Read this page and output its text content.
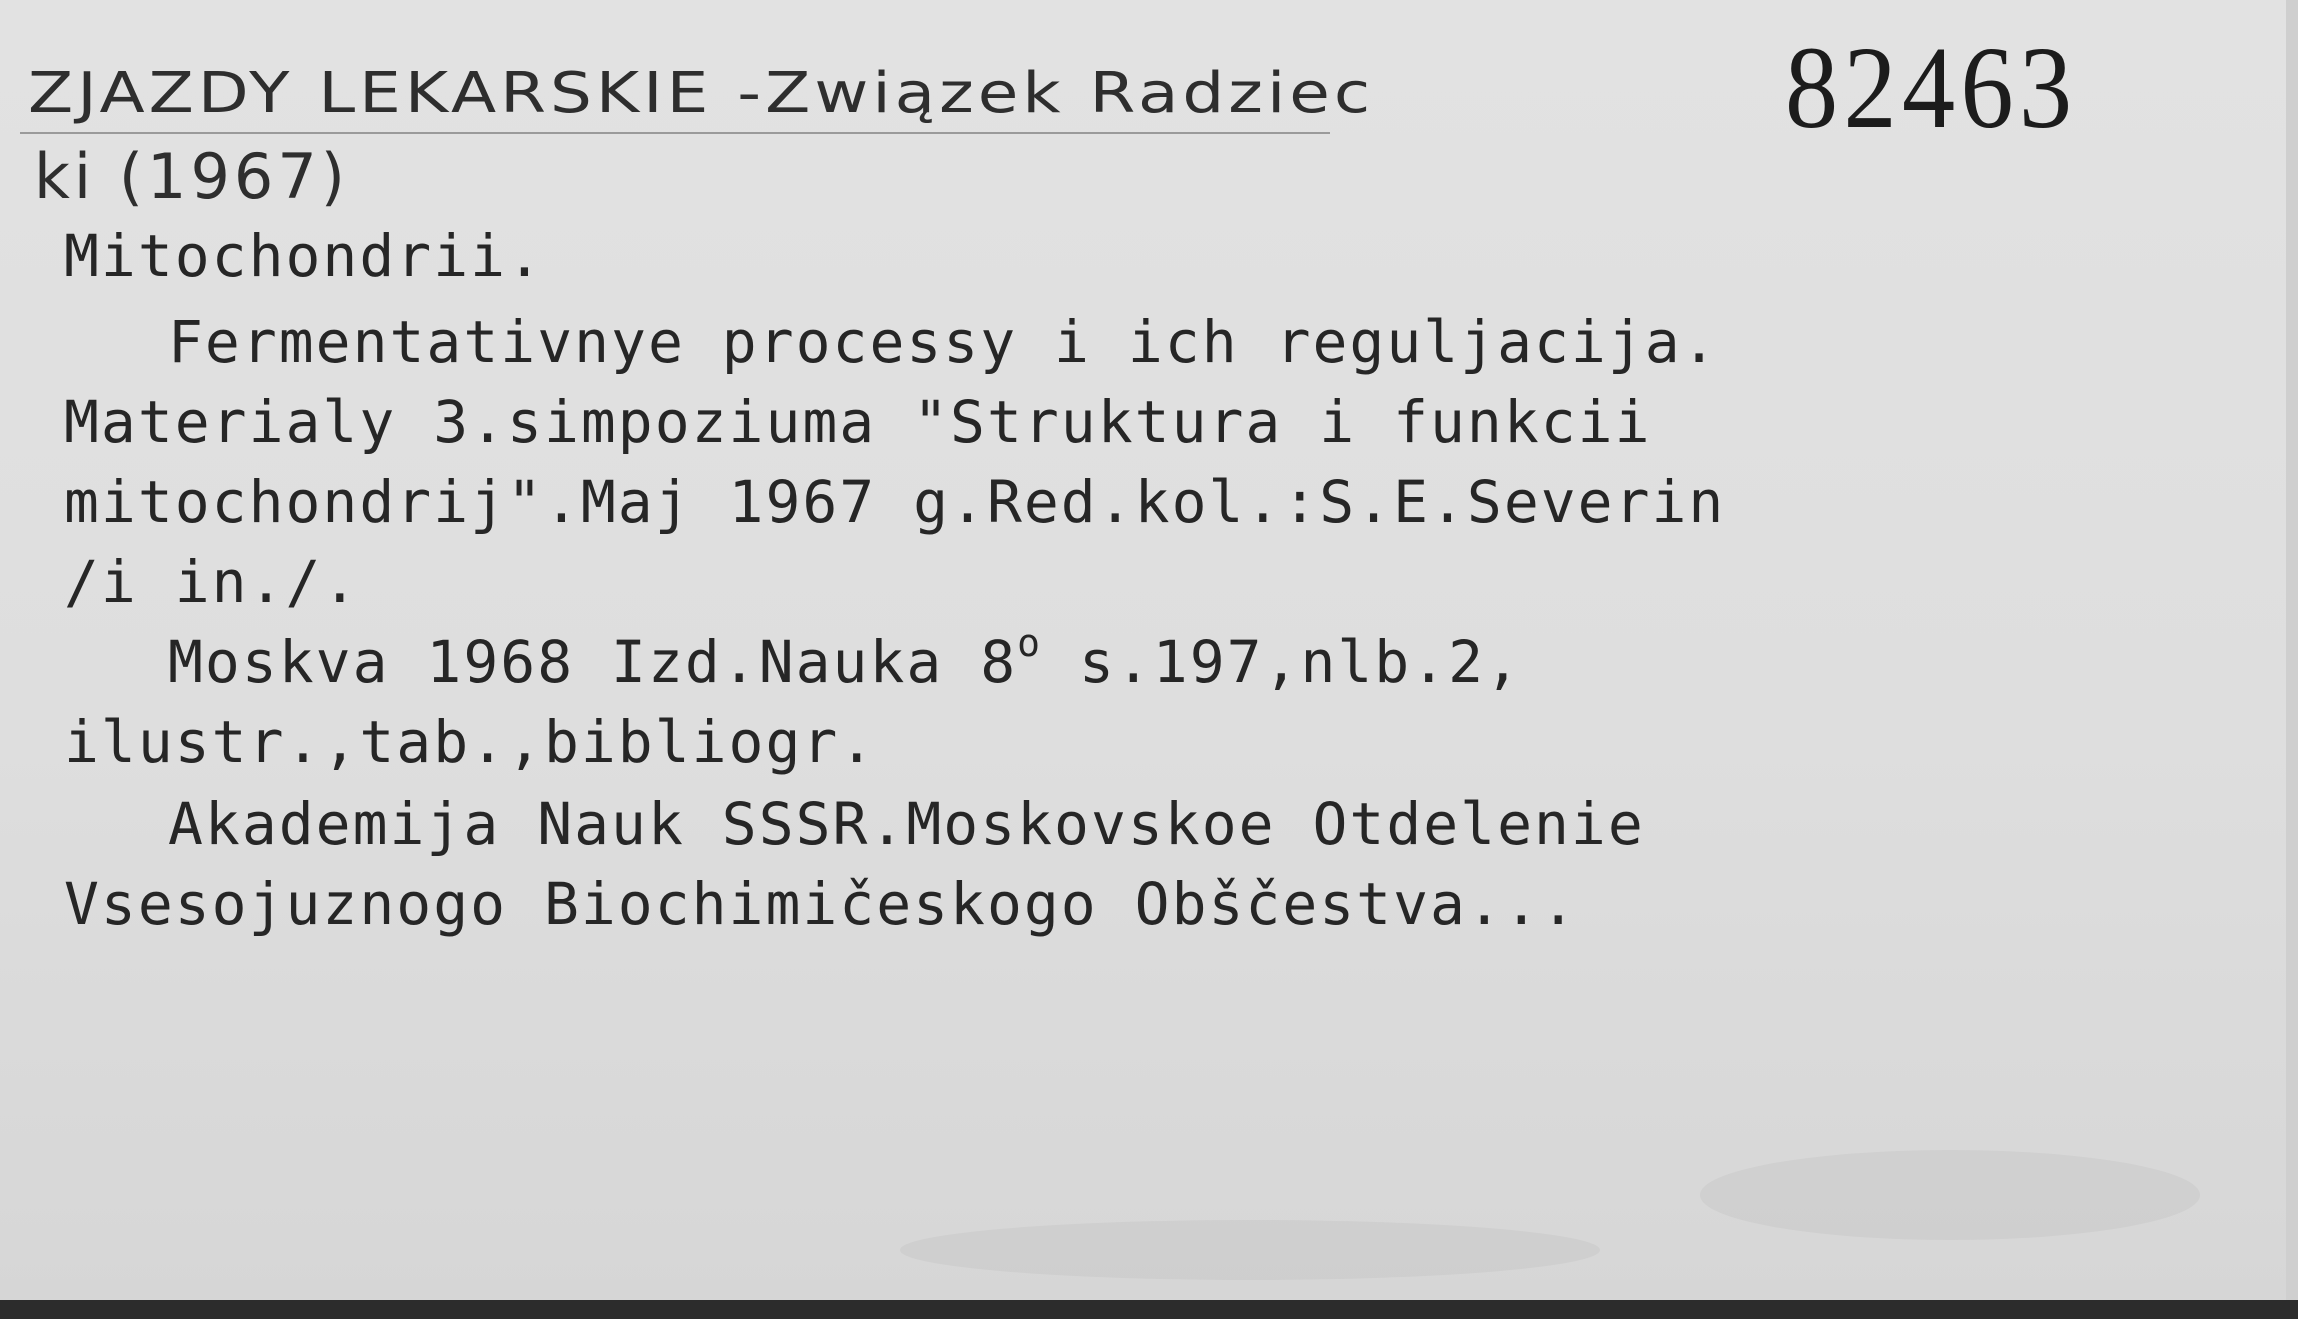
ZJAZDY LEKARSKIE -Związek Radziec
ki (1967)
82463
Mitochondrii.
Fermentativnye processy i ich reguljacija.
Materialy 3.simpoziuma "Struktura i funkcii
mitochondrij".Maj 1967 g.Red.kol.:S.E.Severin
/i in./.
Moskva 1968 Izd.Nauka 8$^o$ s.197,nlb.2,
ilustr.,tab.,bibliogr.
Akademija Nauk SSSR.Moskovskoe Otdelenie
Vsesojuznogo Biochimičeskogo Obščestva...
